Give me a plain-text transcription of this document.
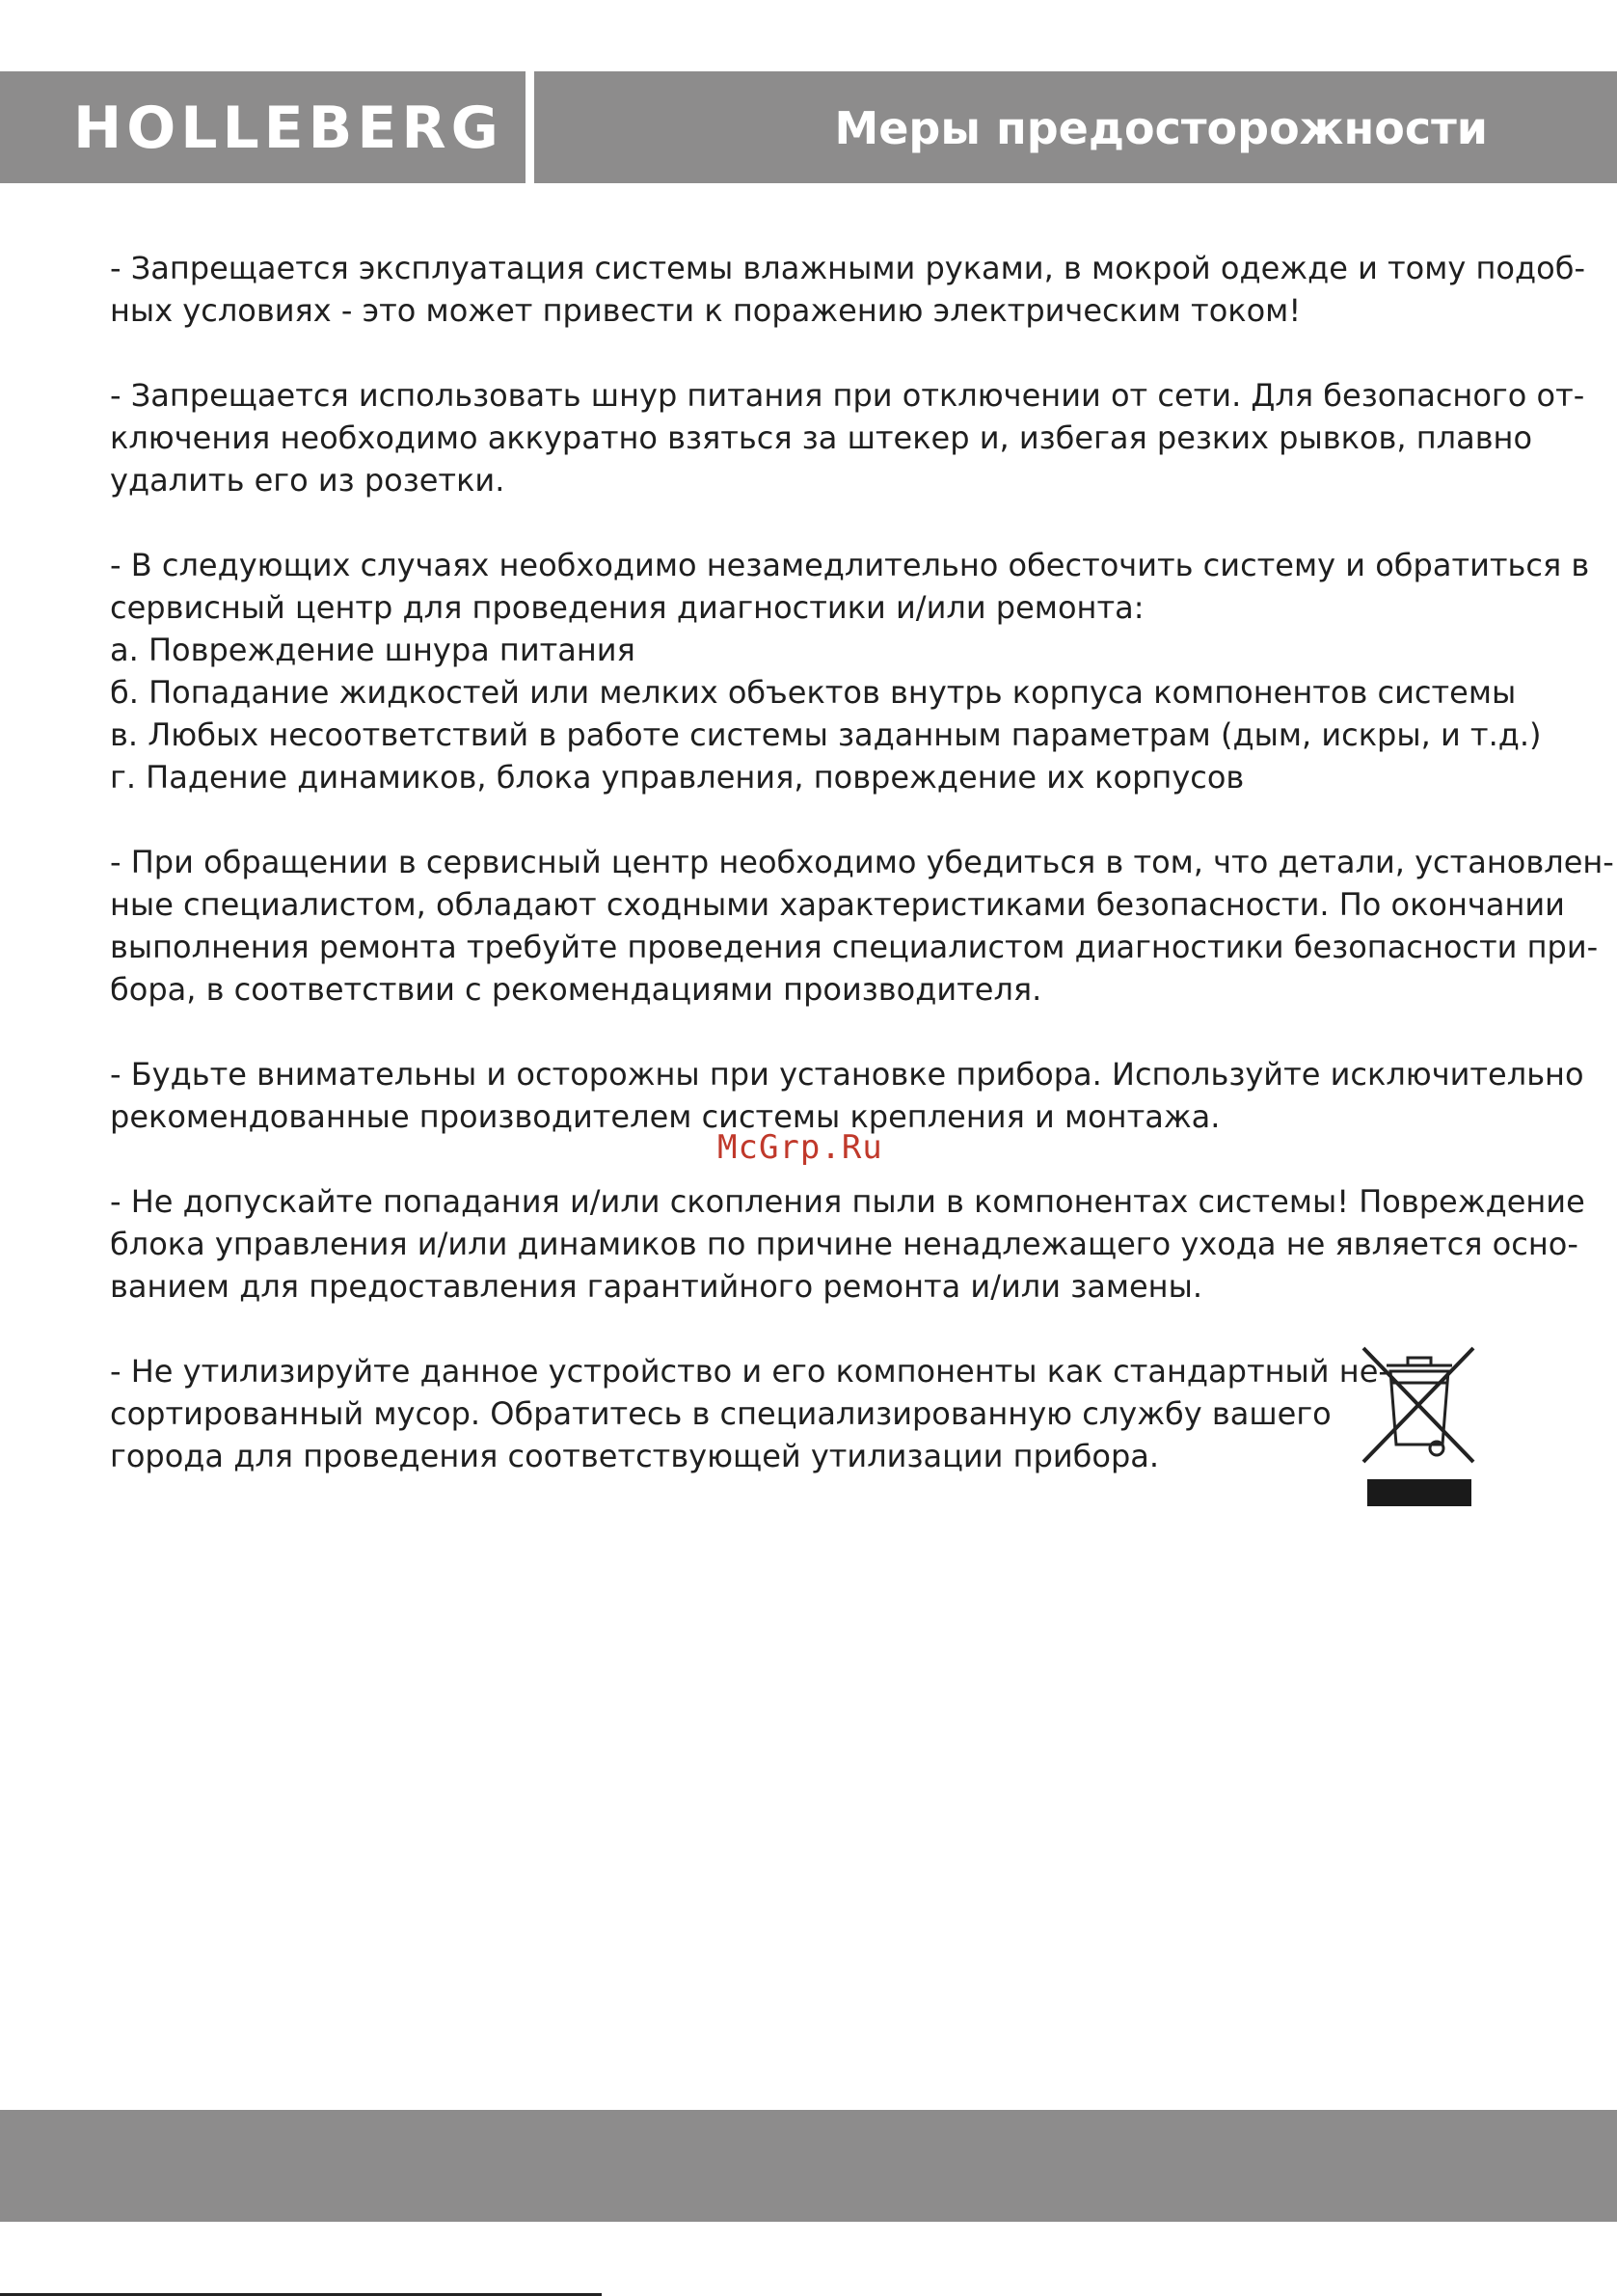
HOLLEBERG	Меры предосторожности

- Запрещается эксплуатация системы влажными руками, в мокрой одежде и тому подоб-
ных условиях - это может привести к поражению электрическим током!

- Запрещается использовать шнур питания при отключении от сети. Для безопасного от-
ключения необходимо аккуратно взяться за штекер и, избегая резких рывков, плавно
удалить его из розетки.

- В следующих случаях необходимо незамедлительно обесточить систему и обратиться в
сервисный центр для проведения диагностики и/или ремонта:
а. Повреждение шнура питания
б. Попадание жидкостей или мелких объектов внутрь корпуса компонентов системы
в. Любых несоответствий в работе системы заданным параметрам (дым, искры, и т.д.)
г. Падение динамиков, блока управления, повреждение их корпусов

- При обращении в сервисный центр необходимо убедиться в том, что детали, установлен-
ные специалистом, обладают сходными характеристиками безопасности. По окончании
выполнения ремонта требуйте проведения специалистом диагностики безопасности при-
бора, в соответствии с рекомендациями производителя.

- Будьте внимательны и осторожны при установке прибора. Используйте исключительно
рекомендованные производителем системы крепления и монтажа.

- Не допускайте попадания и/или скопления пыли в компонентах системы! Повреждение
блока управления и/или динамиков по причине ненадлежащего ухода не является осно-
ванием для предоставления гарантийного ремонта и/или замены.

- Не утилизируйте данное устройство и его компоненты как стандартный не-
сортированный мусор. Обратитесь в специализированную службу вашего
города для проведения соответствующей утилизации прибора.

McGrp.Ru
